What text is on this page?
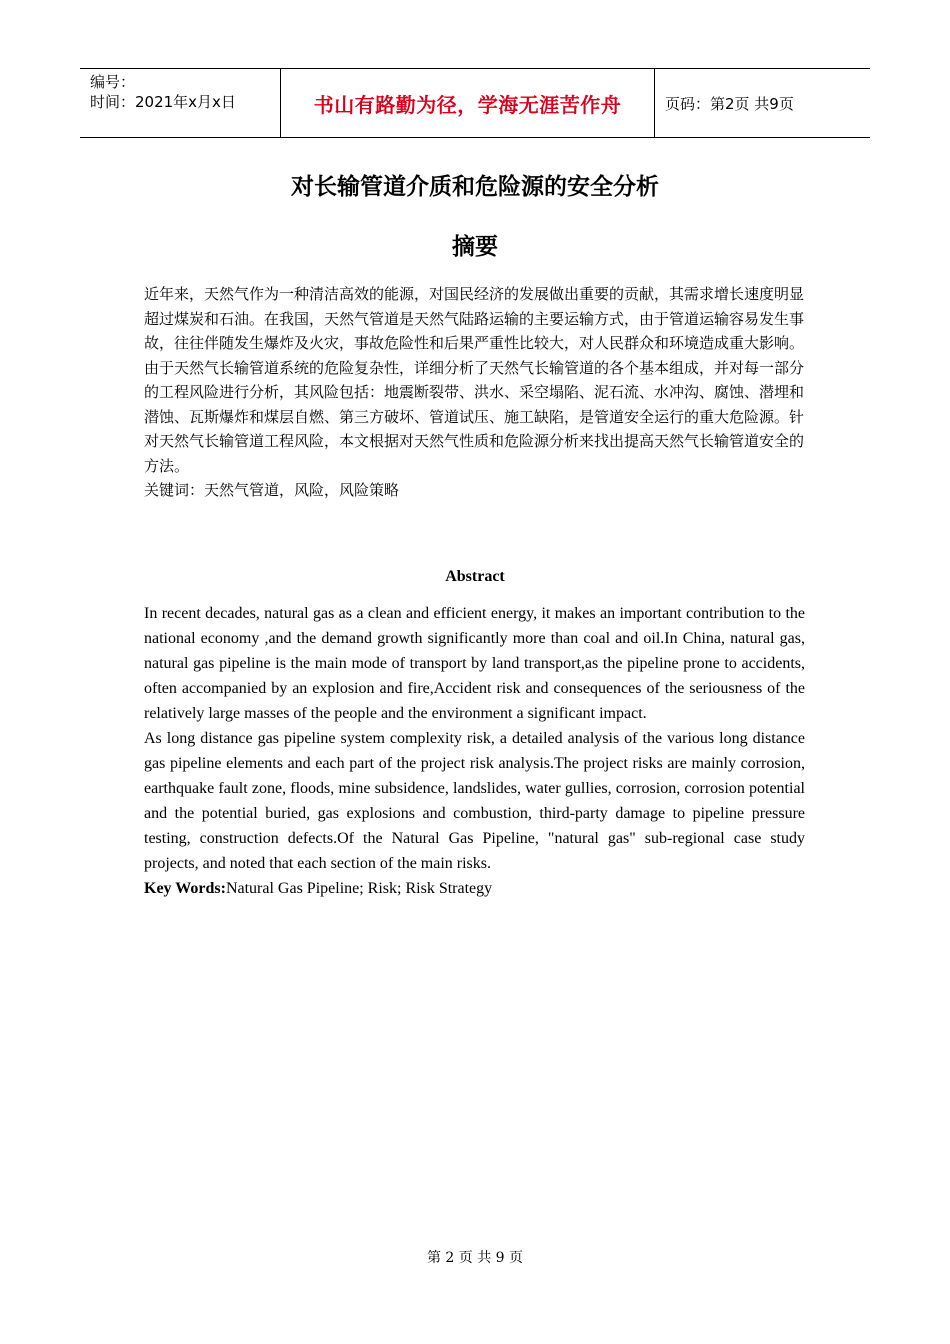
编号：
时间：2021年x月x日	书山有路勤为径，学海无涯苦作舟	页码：第2页 共9页
对长输管道介质和危险源的安全分析
摘要

近年来，天然气作为一种清洁高效的能源，对国民经济的发展做出重要的贡献，其需求增长速度明显超过煤炭和石油。在我国，天然气管道是天然气陆路运输的主要运输方式，由于管道运输容易发生事故，往往伴随发生爆炸及火灾，事故危险性和后果严重性比较大，对人民群众和环境造成重大影响。

由于天然气长输管道系统的危险复杂性，详细分析了天然气长输管道的各个基本组成，并对每一部分的工程风险进行分析，其风险包括：地震断裂带、洪水、采空塌陷、泥石流、水冲沟、腐蚀、潜埋和潜蚀、瓦斯爆炸和煤层自燃、第三方破坏、管道试压、施工缺陷，是管道安全运行的重大危险源。针对天然气长输管道工程风险，本文根据对天然气性质和危险源分析来找出提高天然气长输管道安全的方法。

关键词：天然气管道，风险，风险策略

Abstract

In recent decades, natural gas as a clean and efficient energy, it makes an important contribution to the national economy ,and the demand growth significantly more than coal and oil.In China, natural gas, natural gas pipeline is the main mode of transport by land transport,as the pipeline prone to accidents, often accompanied by an explosion and fire,Accident risk and consequences of the seriousness of the relatively large masses of the people and the environment a significant impact.

As long distance gas pipeline system complexity risk, a detailed analysis of the various long distance gas pipeline elements and each part of the project risk analysis.The project risks are mainly corrosion, earthquake fault zone, floods, mine subsidence, landslides, water gullies, corrosion, corrosion potential and the potential buried, gas explosions and combustion, third-party damage to pipeline pressure testing, construction defects.Of the Natural Gas Pipeline, "natural gas" sub-regional case study projects, and noted that each section of the main risks.

Key Words:Natural Gas Pipeline; Risk; Risk Strategy

第 2 页 共 9 页
